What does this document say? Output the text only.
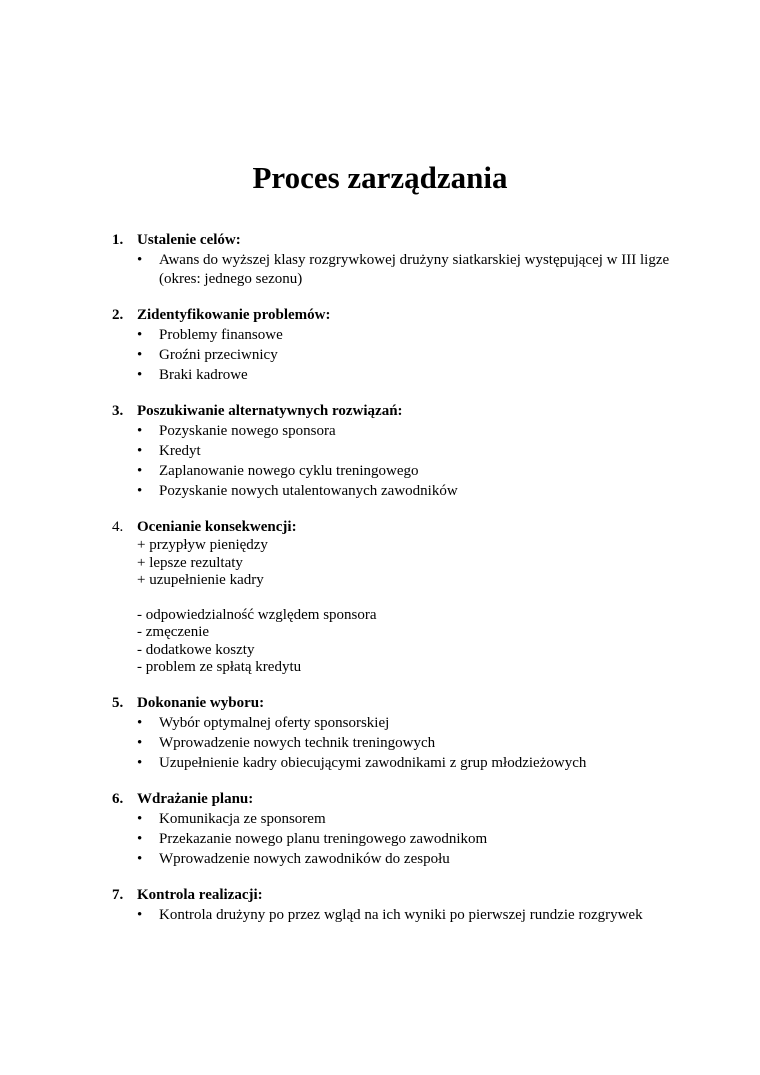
Proces zarządzania
1. Ustalenie celów:
•	Awans do wyższej klasy rozgrywkowej drużyny siatkarskiej występującej w III ligze (okres: jednego sezonu)
2. Zidentyfikowanie problemów:
•	Problemy finansowe
•	Groźni przeciwnicy
•	Braki kadrowe
3. Poszukiwanie alternatywnych rozwiązań:
•	Pozyskanie nowego sponsora
•	Kredyt
•	Zaplanowanie nowego cyklu treningowego
•	Pozyskanie nowych utalentowanych zawodników
4. Ocenianie konsekwencji:
+ przypływ pieniędzy
+ lepsze rezultaty
+ uzupełnienie kadry
- odpowiedzialność względem sponsora
- zmęczenie
- dodatkowe koszty
- problem ze spłatą kredytu
5. Dokonanie wyboru:
•	Wybór optymalnej oferty sponsorskiej
•	Wprowadzenie nowych technik treningowych
•	Uzupełnienie kadry obiecującymi zawodnikami z grup młodzieżowych
6. Wdrażanie planu:
•	Komunikacja ze sponsorem
•	Przekazanie nowego planu treningowego zawodnikom
•	Wprowadzenie nowych zawodników do zespołu
7. Kontrola realizacji:
•	Kontrola drużyny po przez wgląd na ich wyniki po pierwszej rundzie rozgrywek
